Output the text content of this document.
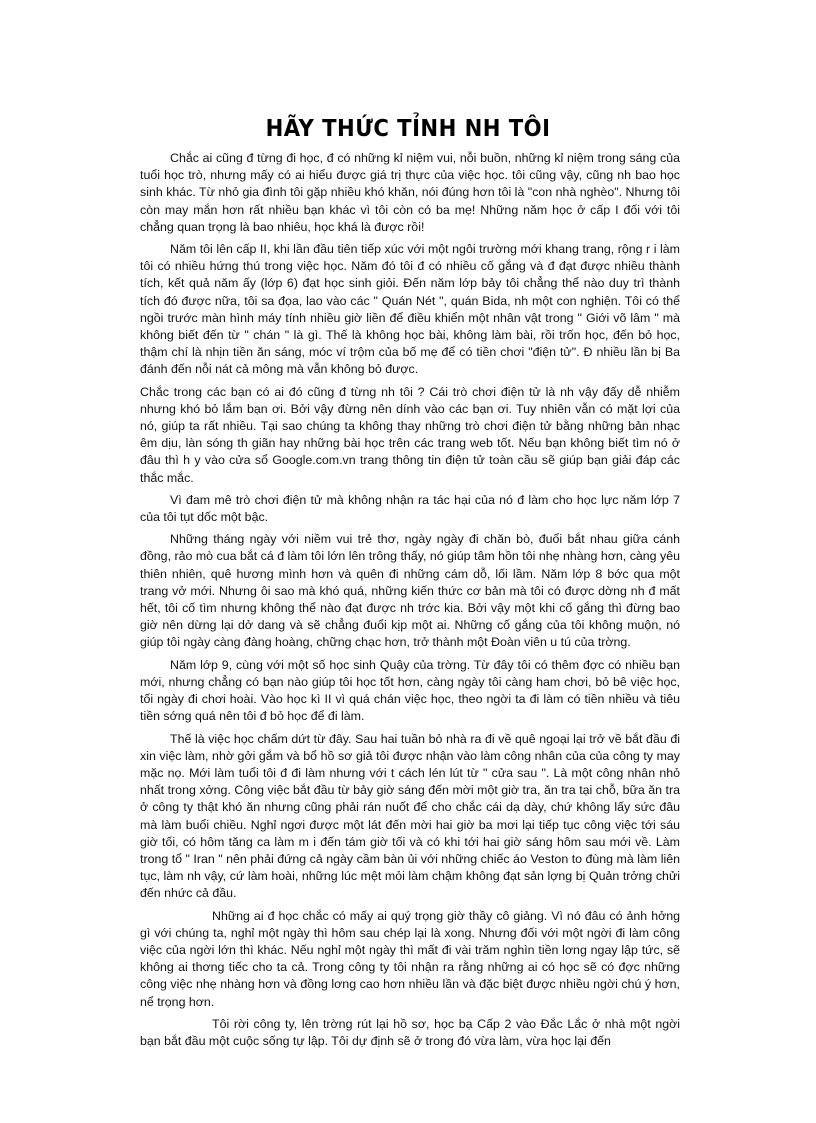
HÃY THỨC TỈNH NH TÔI

Chắc ai cũng đ từng đi học, đ có những kỉ niệm vui, nỗi buồn, những kỉ niệm trong sáng của tuổi học trò, nhưng mấy có ai hiểu được giá trị thực của việc học. tôi cũng vậy, cũng nh bao học sinh khác. Từ nhỏ gia đình tôi gặp nhiều khó khăn, nói đúng hơn tôi là "con nhà nghèo". Nhưng tôi còn may mắn hơn rất nhiều bạn khác vì tôi còn có ba mẹ! Những năm học ở cấp I đối với tôi chẳng quan trọng là bao nhiêu, học khá là được rồi!

Năm tôi lên cấp II, khi lần đầu tiên tiếp xúc với một ngôi trường mới khang trang, rộng r i làm tôi có nhiều hứng thú trong việc học. Năm đó tôi đ có nhiều cố gắng và đ đạt được nhiều thành tích, kết quả năm ấy (lớp 6) đạt học sinh giỏi. Đến năm lớp bảy tôi chẳng thể nào duy trì thành tích đó được nữa, tôi sa đọa, lao vào các " Quán Nét ", quán Bida, nh một con nghiện. Tôi có thể ngồi trước màn hình máy tính nhiều giờ liền để điều khiển một nhân vật trong " Giới võ lâm " mà không biết đến từ " chán " là gì. Thế là không học bài, không làm bài, rồi trốn học, đến bỏ học, thậm chí là nhịn tiền ăn sáng, móc ví trộm của bố mẹ để có tiền chơi "điện tử". Đ nhiều lần bị Ba đánh đến nỗi nát cả mông mà vẫn không bỏ được.

Chắc trong các bạn có ai đó cũng đ từng nh tôi ? Cái trò chơi điện tử là nh vậy đấy dễ nhiễm nhưng khó bỏ lắm bạn ơi. Bởi vậy đừng nên dính vào các bạn ơi. Tuy nhiên vẫn có mặt lợi của nó, giúp ta rất nhiều. Tại sao chúng ta không thay những trò chơi điện tử bằng những bản nhạc êm dịu, làn sóng th giãn hay những bài học trên các trang web tốt. Nếu bạn không biết tìm nó ở đâu thì h y vào cửa sổ Google.com.vn trang thông tin điện tử toàn cầu sẽ giúp bạn giải đáp các thắc mắc.

Vì đam mê trò chơi điện tử mà không nhận ra tác hại của nó đ làm cho học lực năm lớp 7 của tôi tụt dốc một bậc.

Những tháng ngày với niềm vui trẻ thơ, ngày ngày đi chăn bò, đuổi bắt nhau giữa cánh đồng, rảo mò cua bắt cá đ làm tôi lớn lên trông thấy, nó giúp tâm hồn tôi nhẹ nhàng hơn, càng yêu thiên nhiên, quê hương mình hơn và quên đi những cám dỗ, lối lầm. Năm lớp 8 bớc qua một trang vở mới. Nhưng ôi sao mà khó quá, những kiến thức cơ bản mà tôi có được dờng nh đ mất hết, tôi cố tìm nhưng không thể nào đạt được nh trớc kia. Bởi vậy một khi cố gắng thì đừng bao giờ nên dừng lại dở dang và sẽ chẳng đuổi kịp một ai. Những cố gắng của tôi không muộn, nó giúp tôi ngày càng đàng hoàng, chững chạc hơn, trở thành một Đoàn viên u tú của trờng.

Năm lớp 9, cùng với một số học sinh Quậy của trờng. Từ đây tôi có thêm đợc có nhiều bạn mới, nhưng chẳng có bạn nào giúp tôi học tốt hơn, càng ngày tôi càng ham chơi, bỏ bê việc học, tối ngày đi chơi hoài. Vào học kì II vì quá chán việc học, theo ngời ta đi làm có tiền nhiều và tiêu tiền sớng quá nên tôi đ bỏ học để đi làm.

Thế là việc học chấm dứt từ đây. Sau hai tuần bỏ nhà ra đi về quê ngoại lại trở về bắt đầu đi xin việc làm, nhờ gởi gắm và bổ hồ sơ giả tôi được nhận vào làm công nhân của của công ty may mặc nọ. Mới làm tuổi tôi đ đi làm nhưng với t cách lén lút từ " cửa sau ". Là một công nhân nhỏ nhất trong xởng. Công việc bắt đầu từ bảy giờ sáng đến mời một giờ tra, ăn tra tại chỗ, bữa ăn tra ở công ty thật khó ăn nhưng cũng phải rán nuốt để cho chắc cái dạ dày, chứ không lấy sức đâu mà làm buổi chiều. Nghỉ ngơi được một lát đến mời hai giờ ba mơi lại tiếp tục công việc tới sáu giờ tối, có hôm tăng ca làm m i đến tám giờ tối và có khi tới hai giờ sáng hôm sau mới về. Làm trong tổ " Iran " nên phải đứng cả ngày cầm bàn ủi với những chiếc áo Veston to đùng mà làm liên tục, làm nh vậy, cứ làm hoài, những lúc mệt mỏi làm chậm không đạt sản lợng bị Quản trởng chửi đến nhức cả đầu.

Những ai đ học chắc có mấy ai quý trọng giờ thầy cô giảng. Vì nó đâu có ảnh hởng gì với chúng ta, nghỉ một ngày thì hôm sau chép lại là xong. Nhưng đối với một ngời đi làm công việc của ngời lớn thì khác. Nếu nghỉ một ngày thì mất đi vài trăm nghìn tiền lơng ngay lập tức, sẽ không ai thơng tiếc cho ta cả. Trong công ty tôi nhận ra rằng những ai có học sẽ có đợc những công việc nhẹ nhàng hơn và đồng lơng cao hơn nhiều lần và đặc biệt được nhiều ngời chú ý hơn, nể trọng hơn.

Tôi rời công ty, lên trờng rút lại hồ sơ, học bạ Cấp 2 vào Đắc Lắc ở nhà một ngời bạn bắt đầu một cuộc sống tự lập. Tôi dự định sẽ ở trong đó vừa làm, vừa học lại đến
